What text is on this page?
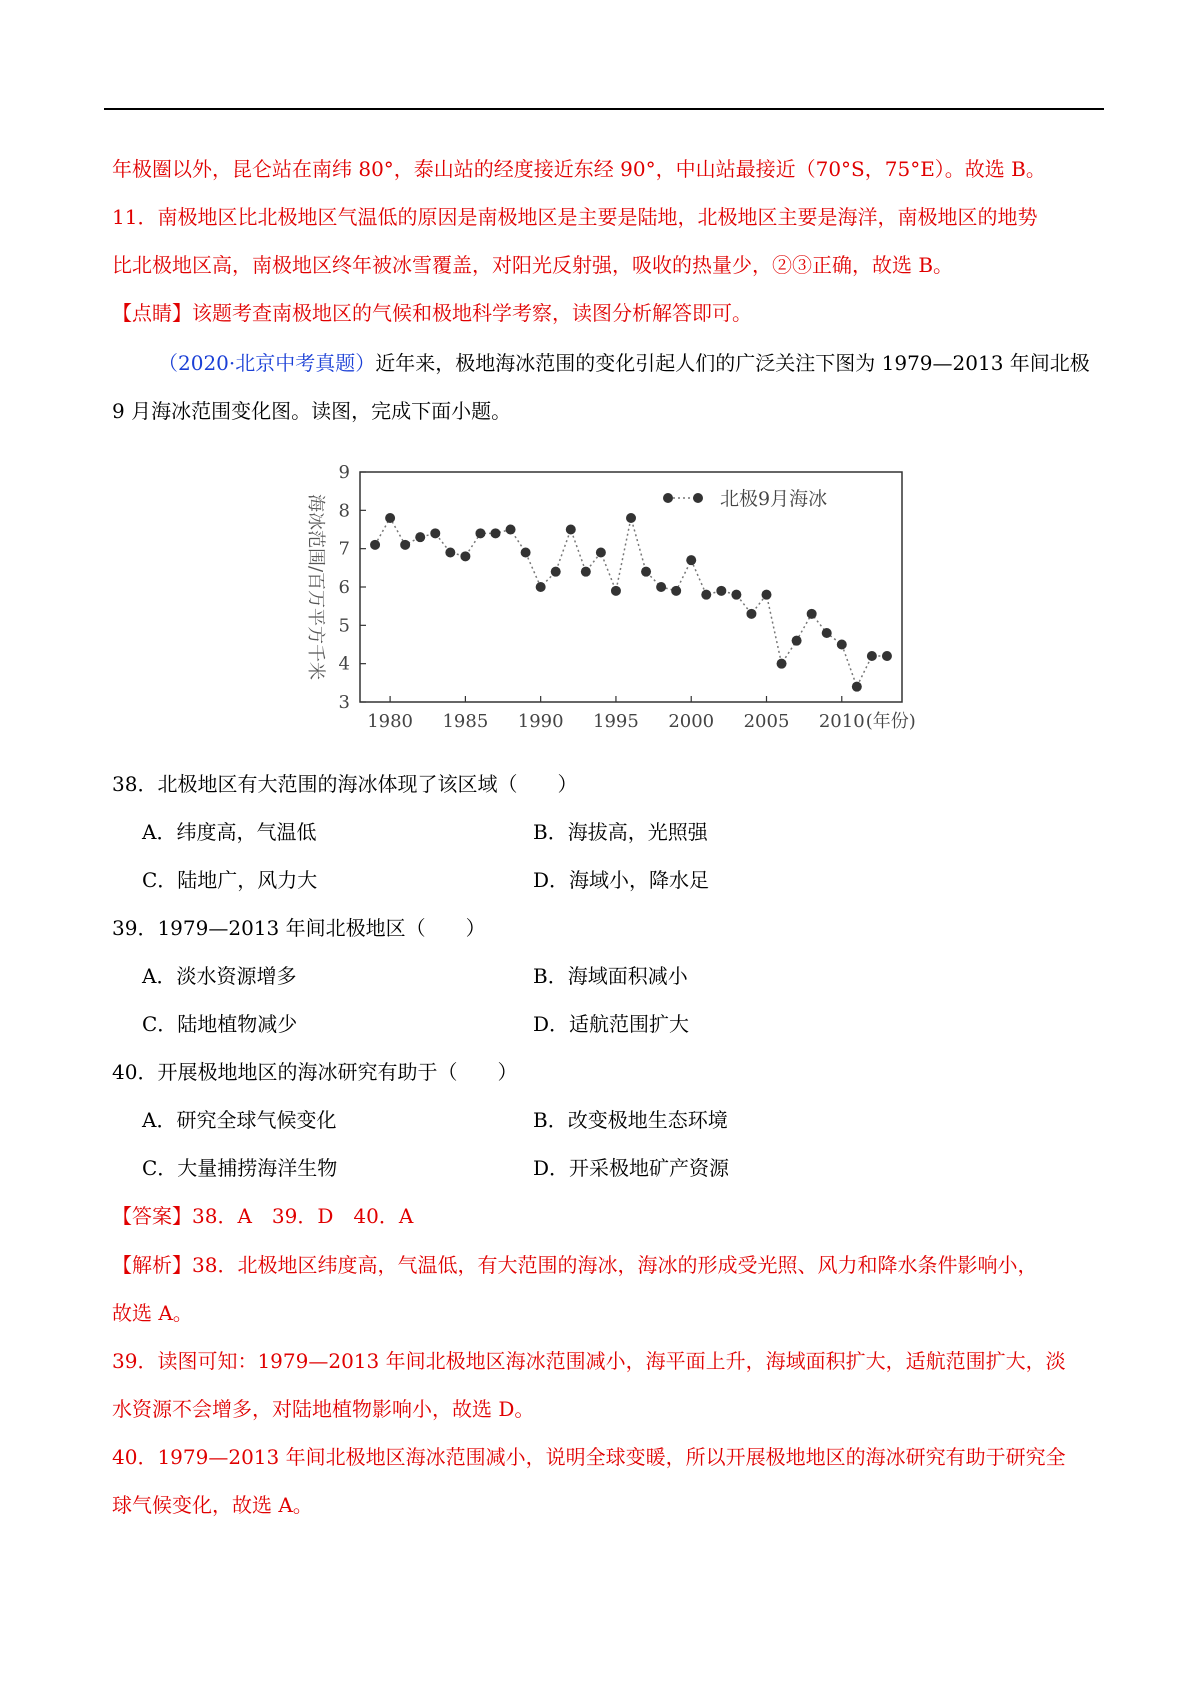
年极圈以外，昆仑站在南纬 80°，泰山站的经度接近东经 90°，中山站最接近（70°S，75°E）。故选 B。
11．南极地区比北极地区气温低的原因是南极地区是主要是陆地，北极地区主要是海洋，南极地区的地势
比北极地区高，南极地区终年被冰雪覆盖，对阳光反射强，吸收的热量少，②③正确，故选 B。
【点睛】该题考查南极地区的气候和极地科学考察，读图分析解答即可。
（2020·北京中考真题）近年来，极地海冰范围的变化引起人们的广泛关注下图为 1979—2013 年间北极
9 月海冰范围变化图。读图，完成下面小题。
3
4
5
6
7
8
9
1980 1985 1990 1995 2000 2005 2010 (年份)
海冰范围/百万平方千米	北极9月海冰
38．北极地区有大范围的海冰体现了该区域（　　）
A．纬度高，气温低	B．海拔高，光照强
C．陆地广，风力大	D．海域小，降水足
39．1979—2013 年间北极地区（　　）
A．淡水资源增多	B．海域面积减小
C．陆地植物减少	D．适航范围扩大
40．开展极地地区的海冰研究有助于（　　）
A．研究全球气候变化	B．改变极地生态环境
C．大量捕捞海洋生物	D．开采极地矿产资源
【答案】38．A　39．D　40．A
【解析】38．北极地区纬度高，气温低，有大范围的海冰，海冰的形成受光照、风力和降水条件影响小，
故选 A。
39．读图可知：1979—2013 年间北极地区海冰范围减小，海平面上升，海域面积扩大，适航范围扩大，淡
水资源不会增多，对陆地植物影响小，故选 D。
40．1979—2013 年间北极地区海冰范围减小，说明全球变暖，所以开展极地地区的海冰研究有助于研究全
球气候变化，故选 A。
